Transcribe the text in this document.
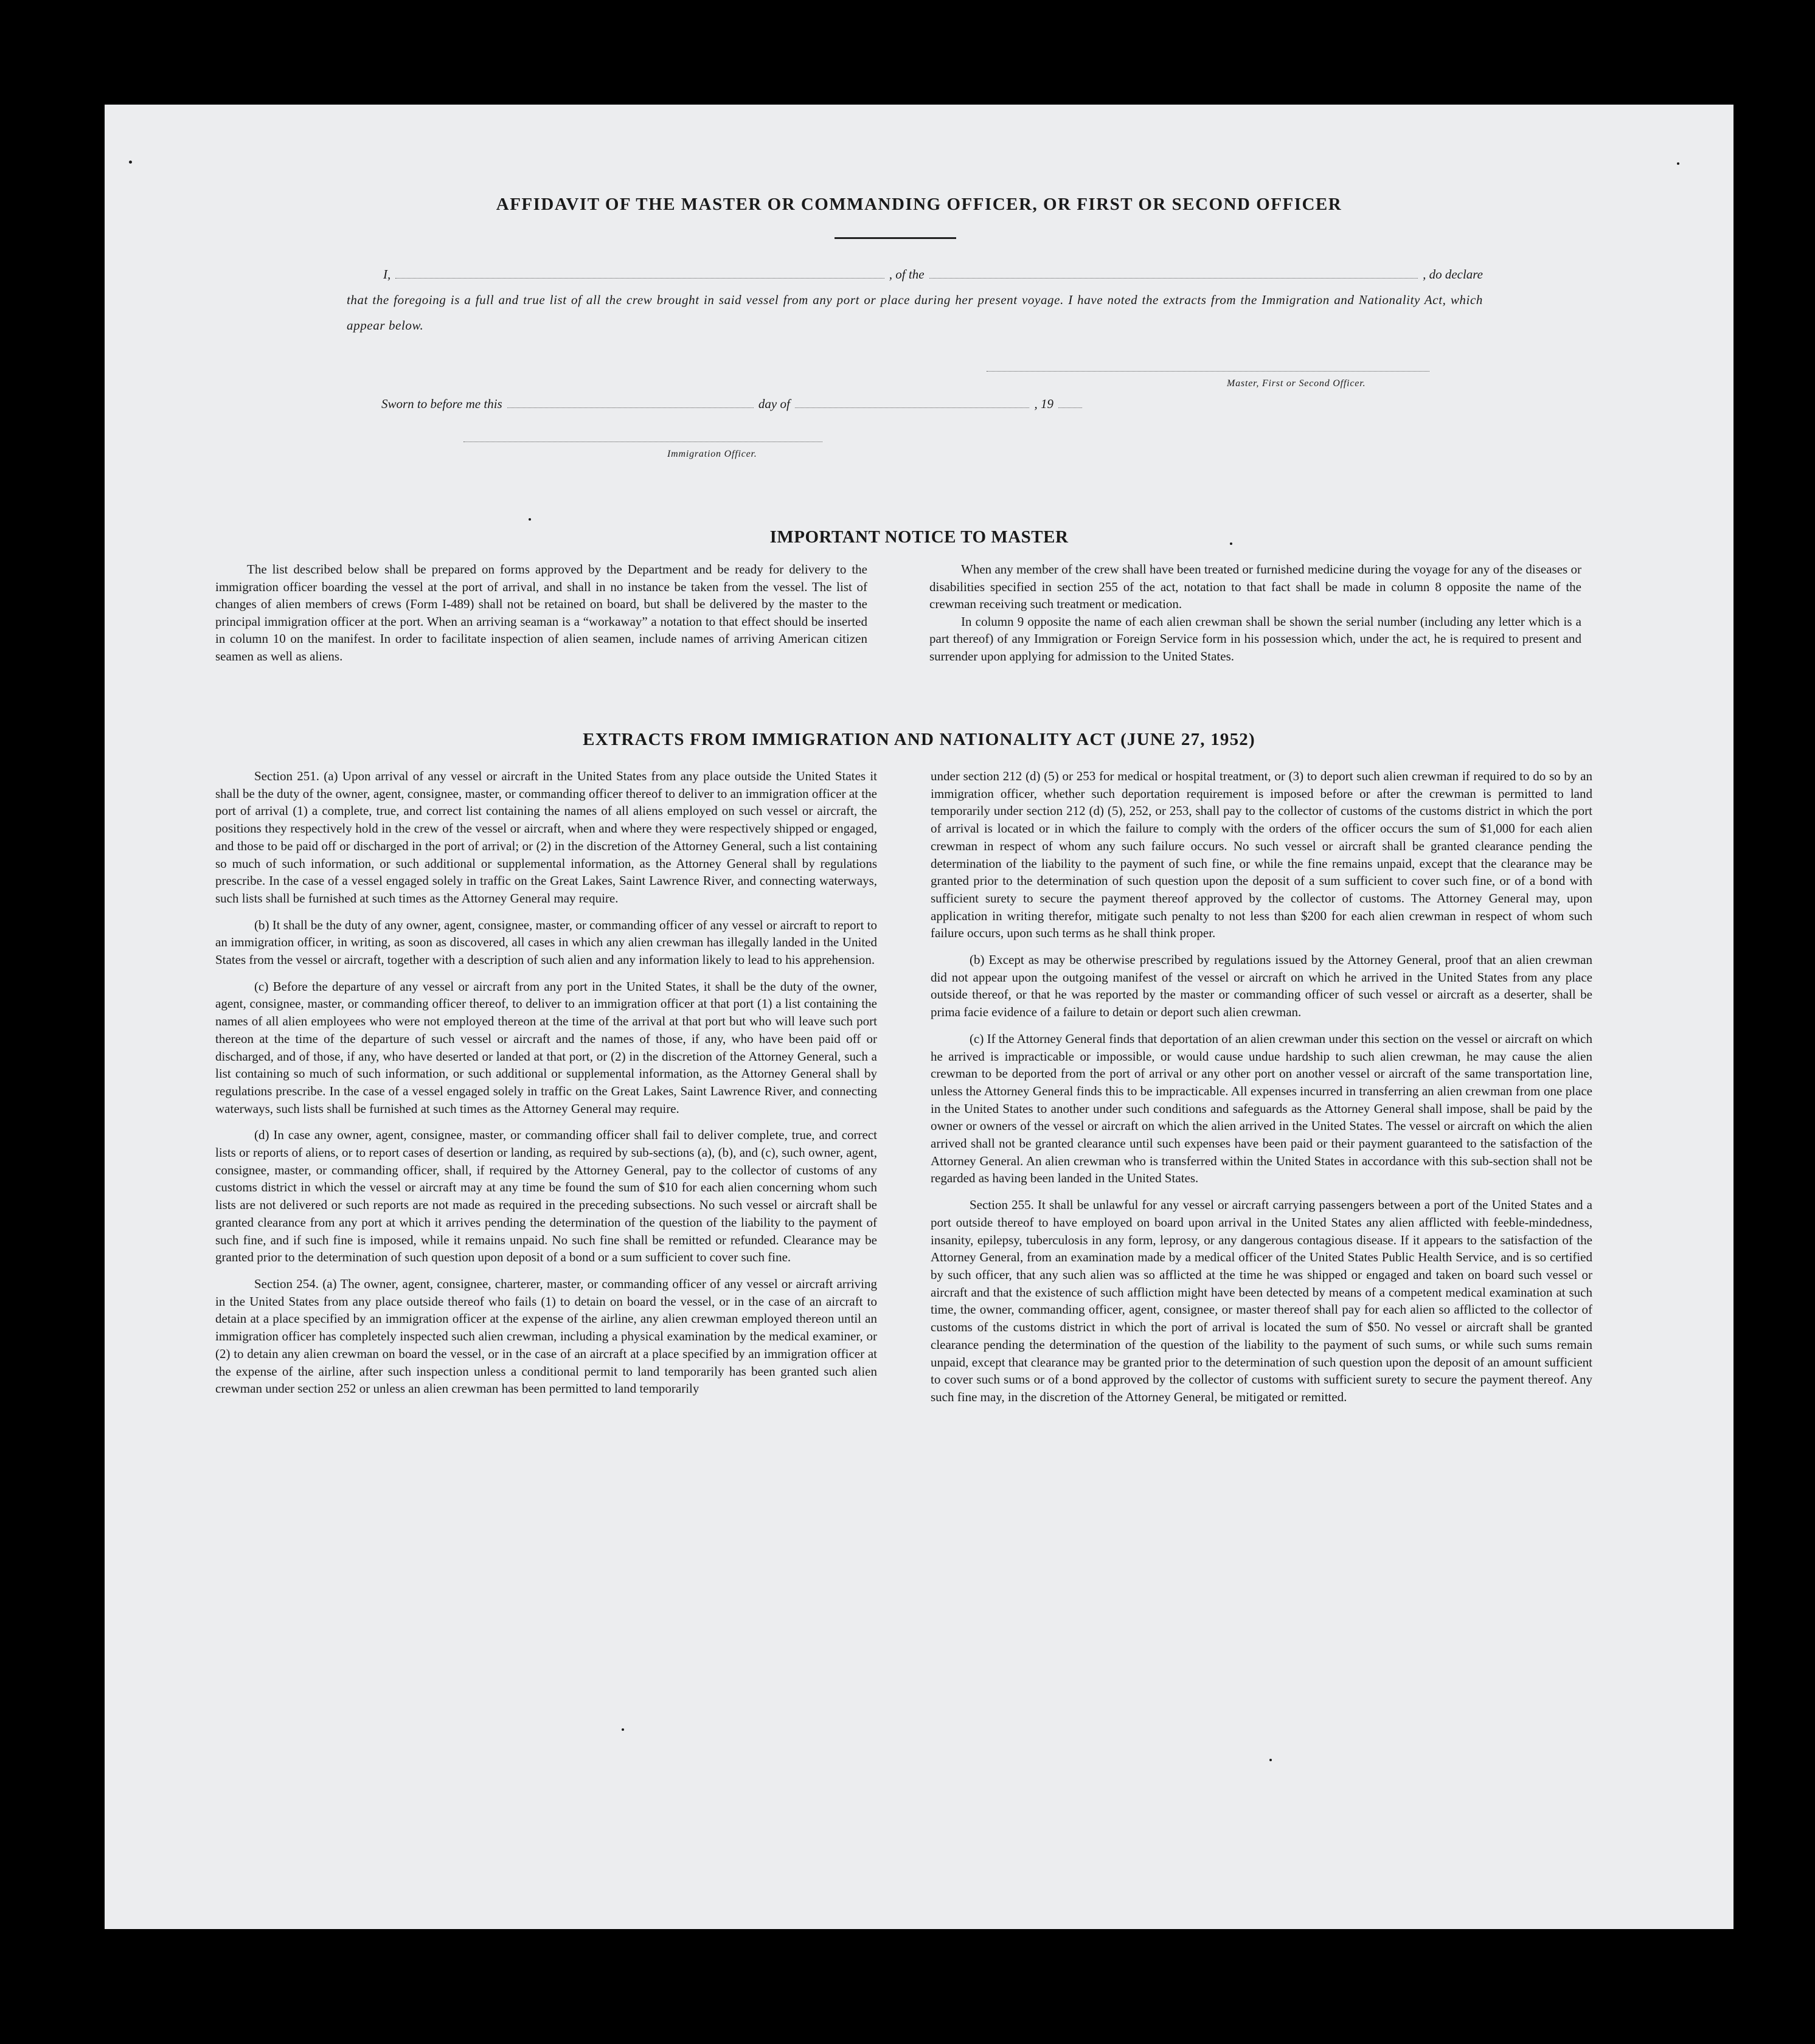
AFFIDAVIT OF THE MASTER OR COMMANDING OFFICER, OR FIRST OR SECOND OFFICER
I,	, of the	, do declare

that the foregoing is a full and true list of all the crew brought in said vessel from any port or place during her present voyage. I have noted the extracts from the Immigration and Nationality Act, which appear below.

Master, First or Second Officer.
Sworn to before me this	day of	, 19
Immigration Officer.
IMPORTANT NOTICE TO MASTER

The list described below shall be prepared on forms approved by the Department and be ready for delivery to the immigration officer boarding the vessel at the port of arrival, and shall in no instance be taken from the vessel. The list of changes of alien members of crews (Form I-489) shall not be retained on board, but shall be delivered by the master to the principal immigration officer at the port. When an arriving seaman is a “workaway” a notation to that effect should be inserted in column 10 on the manifest. In order to facilitate inspection of alien seamen, include names of arriving American citizen seamen as well as aliens.

When any member of the crew shall have been treated or furnished medicine during the voyage for any of the diseases or disabilities specified in section 255 of the act, notation to that fact shall be made in column 8 opposite the name of the crewman receiving such treatment or medication.

In column 9 opposite the name of each alien crewman shall be shown the serial number (including any letter which is a part thereof) of any Immigration or Foreign Service form in his possession which, under the act, he is required to present and surrender upon applying for admission to the United States.

EXTRACTS FROM IMMIGRATION AND NATIONALITY ACT (JUNE 27, 1952)

Section 251. (a) Upon arrival of any vessel or aircraft in the United States from any place outside the United States it shall be the duty of the owner, agent, consignee, master, or commanding officer thereof to deliver to an immigration officer at the port of arrival (1) a complete, true, and correct list containing the names of all aliens employed on such vessel or aircraft, the positions they respectively hold in the crew of the vessel or aircraft, when and where they were respectively shipped or engaged, and those to be paid off or discharged in the port of arrival; or (2) in the discretion of the Attorney General, such a list containing so much of such information, or such additional or supplemental information, as the Attorney General shall by regulations prescribe. In the case of a vessel engaged solely in traffic on the Great Lakes, Saint Lawrence River, and connecting waterways, such lists shall be furnished at such times as the Attorney General may require.

(b) It shall be the duty of any owner, agent, consignee, master, or commanding officer of any vessel or aircraft to report to an immigration officer, in writing, as soon as discovered, all cases in which any alien crewman has illegally landed in the United States from the vessel or aircraft, together with a description of such alien and any information likely to lead to his apprehension.

(c) Before the departure of any vessel or aircraft from any port in the United States, it shall be the duty of the owner, agent, consignee, master, or commanding officer thereof, to deliver to an immigration officer at that port (1) a list containing the names of all alien employees who were not employed thereon at the time of the arrival at that port but who will leave such port thereon at the time of the departure of such vessel or aircraft and the names of those, if any, who have been paid off or discharged, and of those, if any, who have deserted or landed at that port, or (2) in the discretion of the Attorney General, such a list containing so much of such information, or such additional or supplemental information, as the Attorney General shall by regulations prescribe. In the case of a vessel engaged solely in traffic on the Great Lakes, Saint Lawrence River, and connecting waterways, such lists shall be furnished at such times as the Attorney General may require.

(d) In case any owner, agent, consignee, master, or commanding officer shall fail to deliver complete, true, and correct lists or reports of aliens, or to report cases of desertion or landing, as required by sub-sections (a), (b), and (c), such owner, agent, consignee, master, or commanding officer, shall, if required by the Attorney General, pay to the collector of customs of any customs district in which the vessel or aircraft may at any time be found the sum of $10 for each alien concerning whom such lists are not delivered or such reports are not made as required in the preceding subsections. No such vessel or aircraft shall be granted clearance from any port at which it arrives pending the determination of the question of the liability to the payment of such fine, and if such fine is imposed, while it remains unpaid. No such fine shall be remitted or refunded. Clearance may be granted prior to the determination of such question upon deposit of a bond or a sum sufficient to cover such fine.

Section 254. (a) The owner, agent, consignee, charterer, master, or commanding officer of any vessel or aircraft arriving in the United States from any place outside thereof who fails (1) to detain on board the vessel, or in the case of an aircraft to detain at a place specified by an immigration officer at the expense of the airline, any alien crewman employed thereon until an immigration officer has completely inspected such alien crewman, including a physical examination by the medical examiner, or (2) to detain any alien crewman on board the vessel, or in the case of an aircraft at a place specified by an immigration officer at the expense of the airline, after such inspection unless a conditional permit to land temporarily has been granted such alien crewman under section 252 or unless an alien crewman has been permitted to land temporarily

under section 212 (d) (5) or 253 for medical or hospital treatment, or (3) to deport such alien crewman if required to do so by an immigration officer, whether such deportation requirement is imposed before or after the crewman is permitted to land temporarily under section 212 (d) (5), 252, or 253, shall pay to the collector of customs of the customs district in which the port of arrival is located or in which the failure to comply with the orders of the officer occurs the sum of $1,000 for each alien crewman in respect of whom any such failure occurs. No such vessel or aircraft shall be granted clearance pending the determination of the liability to the payment of such fine, or while the fine remains unpaid, except that the clearance may be granted prior to the determination of such question upon the deposit of a sum sufficient to cover such fine, or of a bond with sufficient surety to secure the payment thereof approved by the collector of customs. The Attorney General may, upon application in writing therefor, mitigate such penalty to not less than $200 for each alien crewman in respect of whom such failure occurs, upon such terms as he shall think proper.

(b) Except as may be otherwise prescribed by regulations issued by the Attorney General, proof that an alien crewman did not appear upon the outgoing manifest of the vessel or aircraft on which he arrived in the United States from any place outside thereof, or that he was reported by the master or commanding officer of such vessel or aircraft as a deserter, shall be prima facie evidence of a failure to detain or deport such alien crewman.

(c) If the Attorney General finds that deportation of an alien crewman under this section on the vessel or aircraft on which he arrived is impracticable or impossible, or would cause undue hardship to such alien crewman, he may cause the alien crewman to be deported from the port of arrival or any other port on another vessel or aircraft of the same transportation line, unless the Attorney General finds this to be impracticable. All expenses incurred in transferring an alien crewman from one place in the United States to another under such conditions and safeguards as the Attorney General shall impose, shall be paid by the owner or owners of the vessel or aircraft on which the alien arrived in the United States. The vessel or aircraft on which the alien arrived shall not be granted clearance until such expenses have been paid or their payment guaranteed to the satisfaction of the Attorney General. An alien crewman who is transferred within the United States in accordance with this sub-section shall not be regarded as having been landed in the United States.

Section 255. It shall be unlawful for any vessel or aircraft carrying passengers between a port of the United States and a port outside thereof to have employed on board upon arrival in the United States any alien afflicted with feeble-mindedness, insanity, epilepsy, tuberculosis in any form, leprosy, or any dangerous contagious disease. If it appears to the satisfaction of the Attorney General, from an examination made by a medical officer of the United States Public Health Service, and is so certified by such officer, that any such alien was so afflicted at the time he was shipped or engaged and taken on board such vessel or aircraft and that the existence of such affliction might have been detected by means of a competent medical examination at such time, the owner, commanding officer, agent, consignee, or master thereof shall pay for each alien so afflicted to the collector of customs of the customs district in which the port of arrival is located the sum of $50. No vessel or aircraft shall be granted clearance pending the determination of the question of the liability to the payment of such sums, or while such sums remain unpaid, except that clearance may be granted prior to the determination of such question upon the deposit of an amount sufficient to cover such sums or of a bond approved by the collector of customs with sufficient surety to secure the payment thereof. Any such fine may, in the discretion of the Attorney General, be mitigated or remitted.
